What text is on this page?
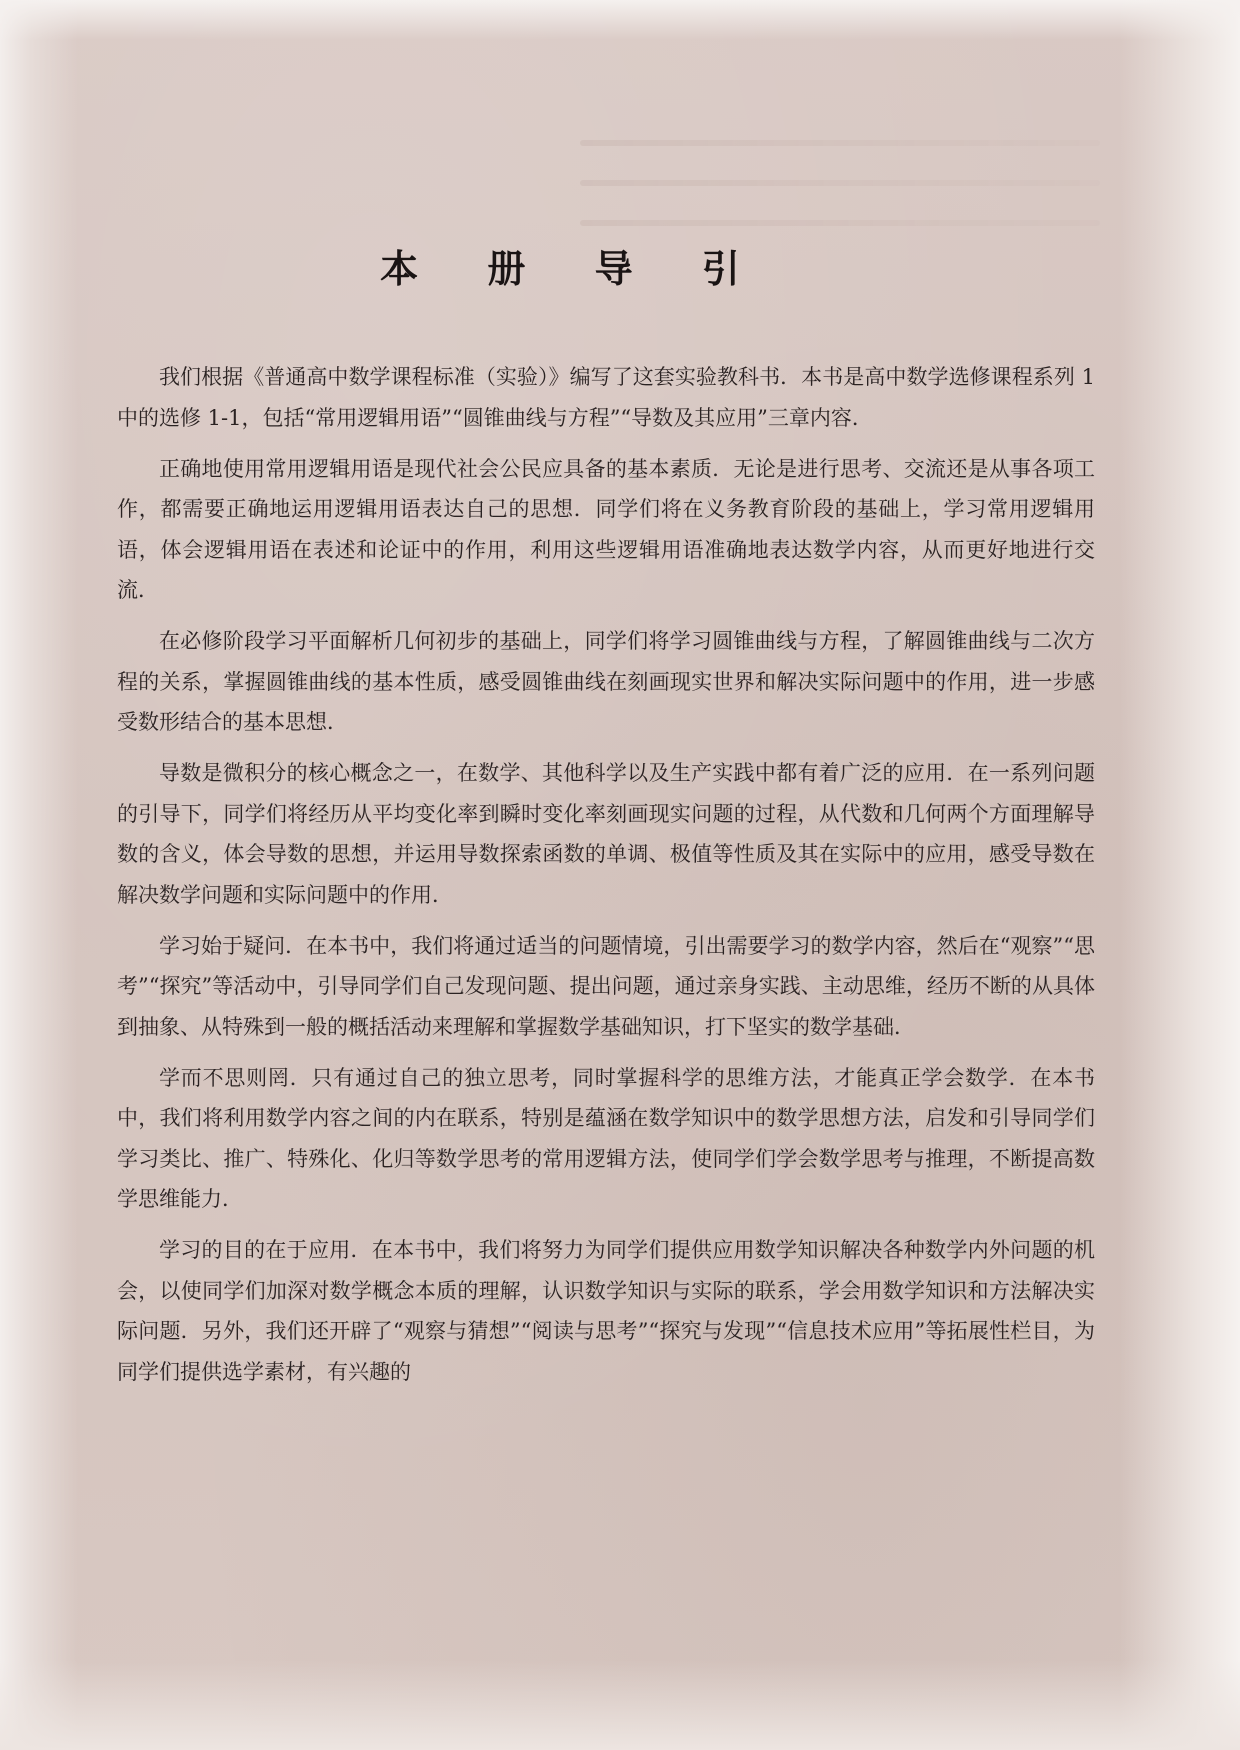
本 册 导 引

我们根据《普通高中数学课程标准（实验）》编写了这套实验教科书．本书是高中数学选修课程系列 1 中的选修 1-1，包括“常用逻辑用语”“圆锥曲线与方程”“导数及其应用”三章内容．

正确地使用常用逻辑用语是现代社会公民应具备的基本素质．无论是进行思考、交流还是从事各项工作，都需要正确地运用逻辑用语表达自己的思想．同学们将在义务教育阶段的基础上，学习常用逻辑用语，体会逻辑用语在表述和论证中的作用，利用这些逻辑用语准确地表达数学内容，从而更好地进行交流．

在必修阶段学习平面解析几何初步的基础上，同学们将学习圆锥曲线与方程，了解圆锥曲线与二次方程的关系，掌握圆锥曲线的基本性质，感受圆锥曲线在刻画现实世界和解决实际问题中的作用，进一步感受数形结合的基本思想．

导数是微积分的核心概念之一，在数学、其他科学以及生产实践中都有着广泛的应用．在一系列问题的引导下，同学们将经历从平均变化率到瞬时变化率刻画现实问题的过程，从代数和几何两个方面理解导数的含义，体会导数的思想，并运用导数探索函数的单调、极值等性质及其在实际中的应用，感受导数在解决数学问题和实际问题中的作用．

学习始于疑问．在本书中，我们将通过适当的问题情境，引出需要学习的数学内容，然后在“观察”“思考”“探究”等活动中，引导同学们自己发现问题、提出问题，通过亲身实践、主动思维，经历不断的从具体到抽象、从特殊到一般的概括活动来理解和掌握数学基础知识，打下坚实的数学基础．

学而不思则罔．只有通过自己的独立思考，同时掌握科学的思维方法，才能真正学会数学．在本书中，我们将利用数学内容之间的内在联系，特别是蕴涵在数学知识中的数学思想方法，启发和引导同学们学习类比、推广、特殊化、化归等数学思考的常用逻辑方法，使同学们学会数学思考与推理，不断提高数学思维能力．

学习的目的在于应用．在本书中，我们将努力为同学们提供应用数学知识解决各种数学内外问题的机会，以使同学们加深对数学概念本质的理解，认识数学知识与实际的联系，学会用数学知识和方法解决实际问题．另外，我们还开辟了“观察与猜想”“阅读与思考”“探究与发现”“信息技术应用”等拓展性栏目，为同学们提供选学素材，有兴趣的
